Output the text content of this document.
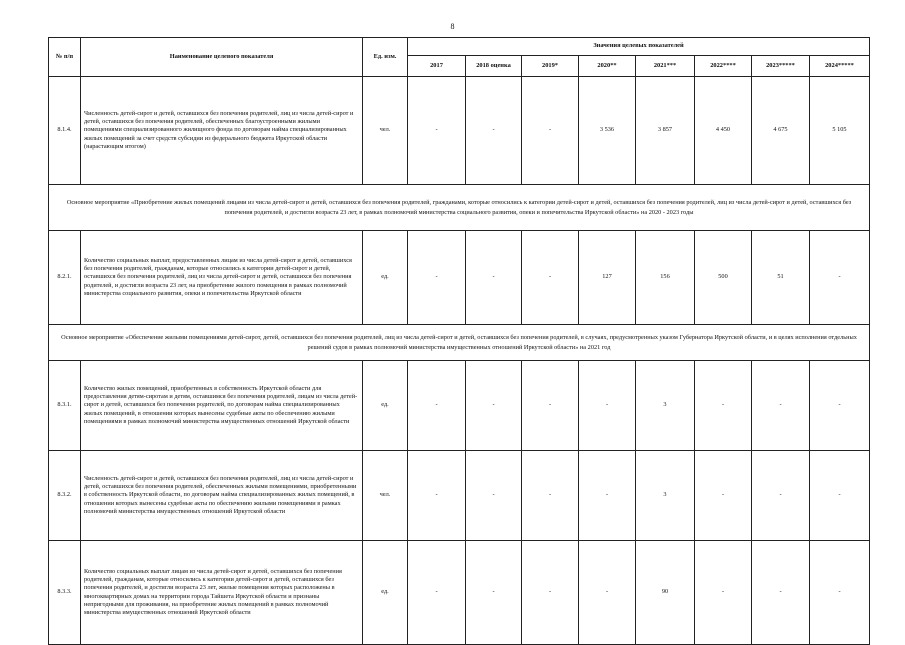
8
№ п/п	Наименование целевого показателя	Ед. изм.	Значения целевых показателей							
			2017	2018 оценка	2019*	2020**	2021***	2022****	2023*****	2024*****
8.1.4.	Численность детей-сирот и детей, оставшихся без попечения родителей, лиц из числа детей-сирот и детей, оставшихся без попечения родителей, обеспеченных благоустроенными жилыми помещениями специализированного жилищного фонда по договорам найма специализированных жилых помещений за счет средств субсидии из федерального бюджета Иркутской области (нарастающим итогом)	чел.	-	-	-	3 536	3 857	4 450	4 675	5 105
Основное мероприятие «Приобретение жилых помещений лицами из числа детей-сирот и детей, оставшихся без попечения родителей, гражданами, которые относились к категории детей-сирот и детей, оставшихся без попечения родителей, лиц из числа детей-сирот и детей, оставшихся без попечения родителей, и достигли возраста 23 лет, в рамках полномочий министерства социального развития, опеки и попечительства Иркутской области» на 2020 - 2023 годы										
8.2.1.	Количество социальных выплат, предоставленных лицам из числа детей-сирот и детей, оставшихся без попечения родителей, гражданам, которые относились к категории детей-сирот и детей, оставшихся без попечения родителей, лиц из числа детей-сирот и детей, оставшихся без попечения родителей, и достигли возраста 23 лет, на приобретение жилого помещения в рамках полномочий министерства социального развития, опеки и попечительства Иркутской области	ед.	-	-	-	127	156	500	51	-
Основное мероприятие «Обеспечение жилыми помещениями детей-сирот, детей, оставшихся без попечения родителей, лиц из числа детей-сирот и детей, оставшихся без попечения родителей, в случаях, предусмотренных указом Губернатора Иркутской области, и в целях исполнения отдельных решений судов в рамках полномочий министерства имущественных отношений Иркутской области» на 2021 год										
8.3.1.	Количество жилых помещений, приобретенных в собственность Иркутской области для предоставления детям-сиротам и детям, оставшимся без попечения родителей, лицам из числа детей-сирот и детей, оставшихся без попечения родителей, по договорам найма специализированных жилых помещений, в отношении которых вынесены судебные акты по обеспечению жилыми помещениями в рамках полномочий министерства имущественных отношений Иркутской области	ед.	-	-	-	-	3	-	-	-
8.3.2.	Численность детей-сирот и детей, оставшихся без попечения родителей, лиц из числа детей-сирот и детей, оставшихся без попечения родителей, обеспеченных жилыми помещениями, приобретенными в собственность Иркутской области, по договорам найма специализированных жилых помещений, в отношении которых вынесены судебные акты по обеспечению жилыми помещениями в рамках полномочий министерства имущественных отношений Иркутской области	чел.	-	-	-	-	3	-	-	-
8.3.3.	Количество социальных выплат лицам из числа детей-сирот и детей, оставшихся без попечения родителей, гражданам, которые относились к категории детей-сирот и детей, оставшихся без попечения родителей, и достигли возраста 23 лет, жилые помещения которых расположены в многоквартирных домах на территории города Тайшета Иркутской области и признаны непригодными для проживания, на приобретение жилых помещений в рамках полномочий министерства имущественных отношений Иркутской области	ед.	-	-	-	-	90	-	-	-
